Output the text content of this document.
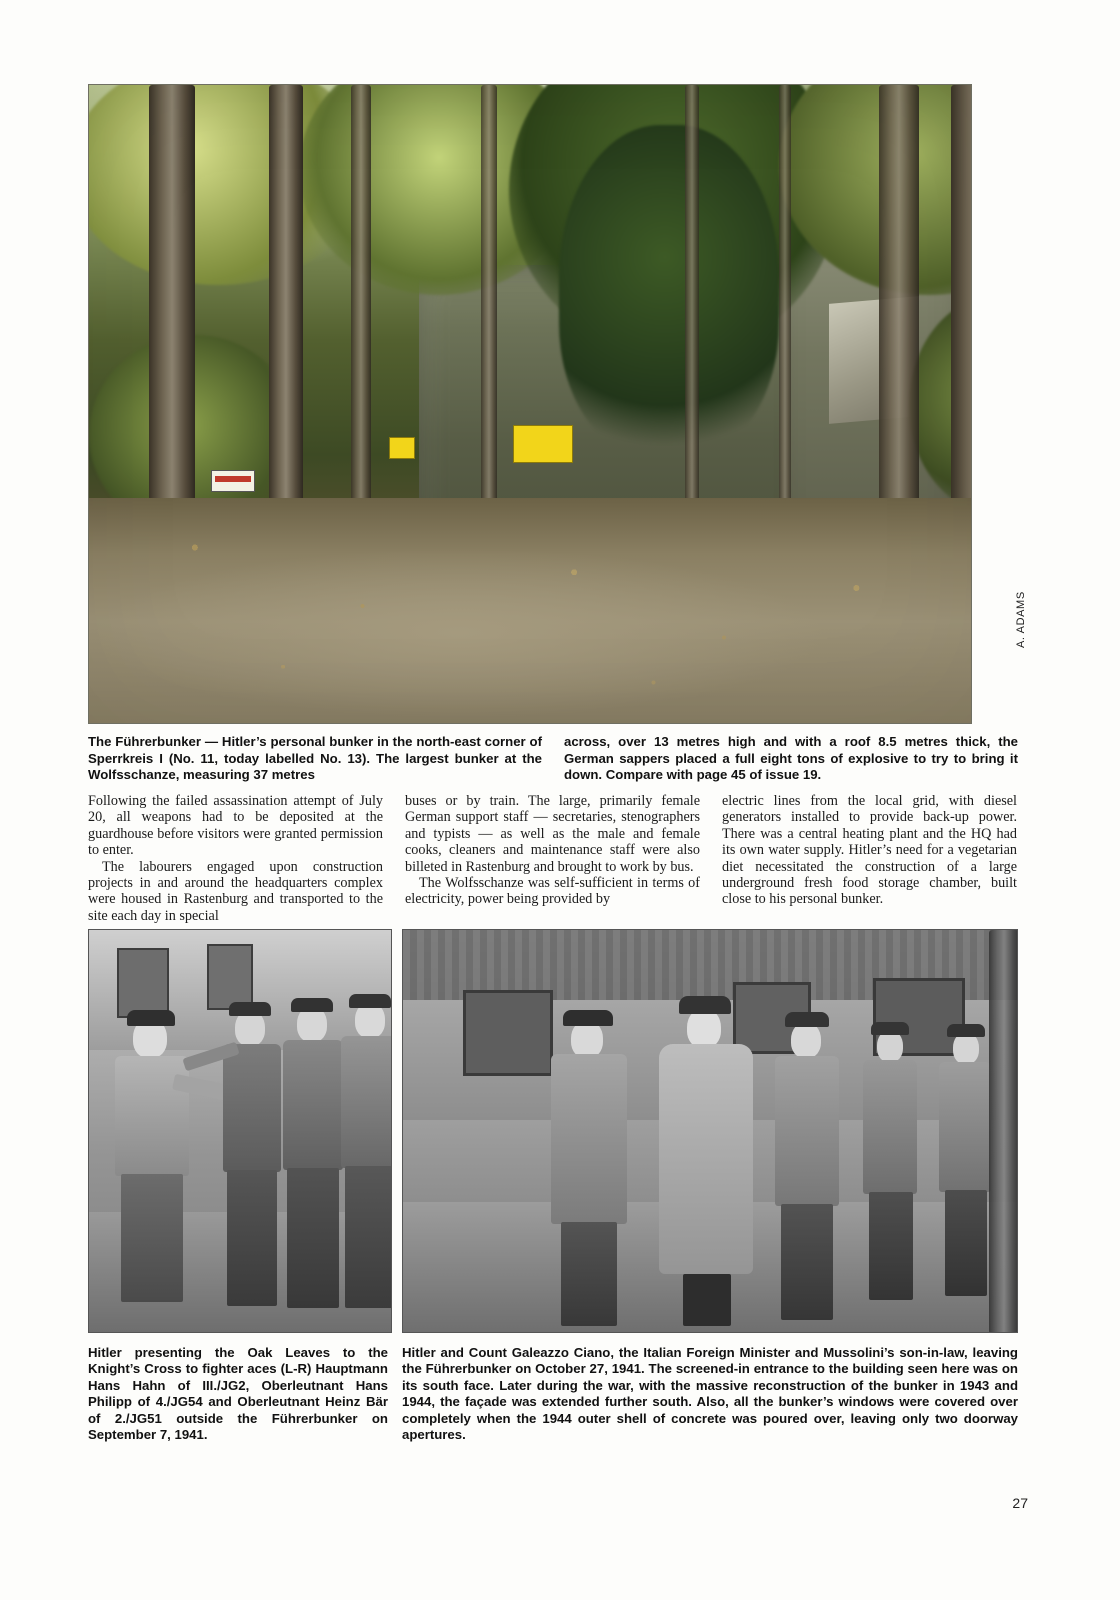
A. ADAMS
The Führerbunker — Hitler’s personal bunker in the north-east corner of Sperrkreis I (No. 11, today labelled No. 13). The largest bunker at the Wolfsschanze, measuring 37 metres
across, over 13 metres high and with a roof 8.5 metres thick, the German sappers placed a full eight tons of explosive to try to bring it down. Compare with page 45 of issue 19.

Following the failed assassination attempt of July 20, all weapons had to be deposited at the guardhouse before visitors were granted permission to enter.

The labourers engaged upon construction projects in and around the headquarters complex were housed in Rastenburg and transported to the site each day in special

buses or by train. The large, primarily female German support staff — secretaries, stenographers and typists — as well as the male and female cooks, cleaners and maintenance staff were also billeted in Rastenburg and brought to work by bus.

The Wolfsschanze was self-sufficient in terms of electricity, power being provided by

electric lines from the local grid, with diesel generators installed to provide back-up power. There was a central heating plant and the HQ had its own water supply. Hitler’s need for a vegetarian diet necessitated the construction of a large underground fresh food storage chamber, built close to his personal bunker.

Hitler presenting the Oak Leaves to the Knight’s Cross to fighter aces (L-R) Hauptmann Hans Hahn of III./JG2, Oberleutnant Hans Philipp of 4./JG54 and Oberleutnant Heinz Bär of 2./JG51 outside the Führerbunker on September 7, 1941.
Hitler and Count Galeazzo Ciano, the Italian Foreign Minister and Mussolini’s son-in-law, leaving the Führerbunker on October 27, 1941. The screened-in entrance to the building seen here was on its south face. Later during the war, with the massive reconstruction of the bunker in 1943 and 1944, the façade was extended further south. Also, all the bunker’s windows were covered over completely when the 1944 outer shell of concrete was poured over, leaving only two doorway apertures.
27
